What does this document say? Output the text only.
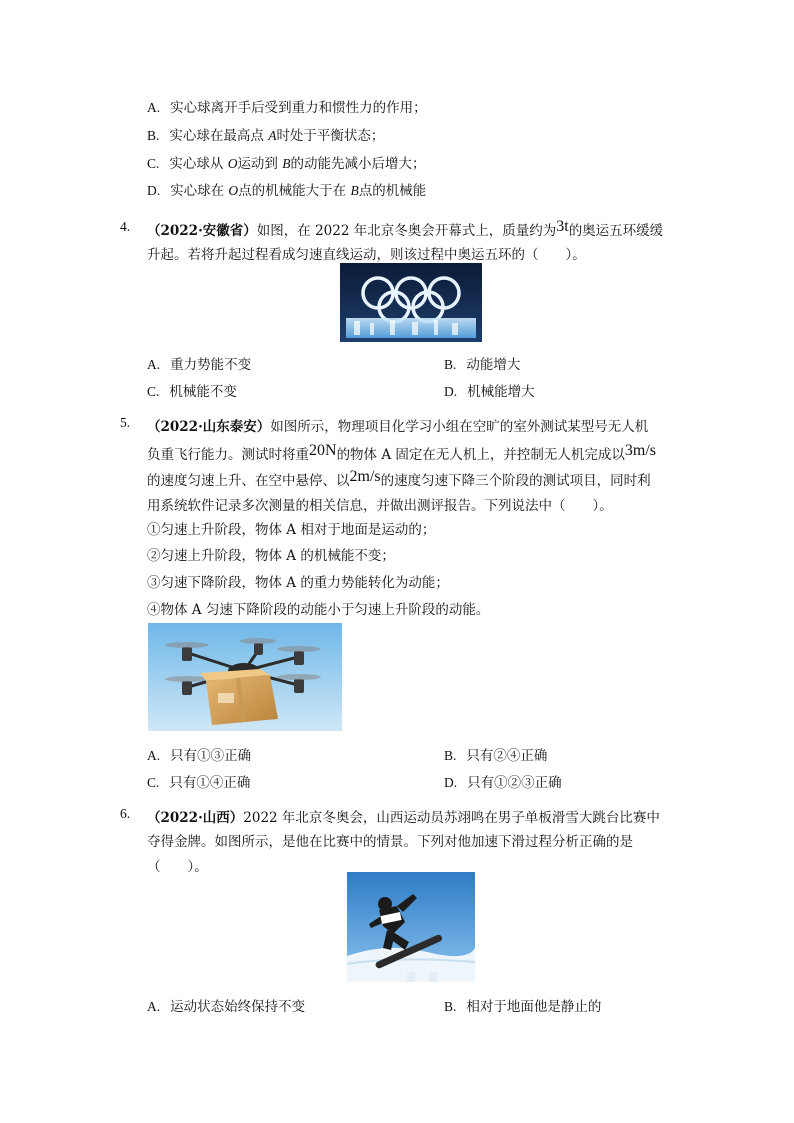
A. 实心球离开手后受到重力和惯性力的作用；
B. 实心球在最高点 A时处于平衡状态；
C. 实心球从 O运动到 B的动能先减小后增大；
D. 实心球在 O点的机械能大于在 B点的机械能
4. （2022·安徽省）如图，在 2022 年北京冬奥会开幕式上，质量约为3t的奥运五环缓缓
升起。若将升起过程看成匀速直线运动，则该过程中奥运五环的（　　）。
A. 重力势能不变	B. 动能增大
C. 机械能不变	D. 机械能增大
5. （2022·山东泰安）如图所示，物理项目化学习小组在空旷的室外测试某型号无人机
负重飞行能力。测试时将重20N的物体 A 固定在无人机上，并控制无人机完成以3m/s
的速度匀速上升、在空中悬停、以2m/s的速度匀速下降三个阶段的测试项目，同时利
用系统软件记录多次测量的相关信息，并做出测评报告。下列说法中（　　）。
①匀速上升阶段，物体 A 相对于地面是运动的；
②匀速上升阶段，物体 A 的机械能不变；
③匀速下降阶段，物体 A 的重力势能转化为动能；
④物体 A 匀速下降阶段的动能小于匀速上升阶段的动能。
A. 只有①③正确	B. 只有②④正确
C. 只有①④正确	D. 只有①②③正确
6. （2022·山西）2022 年北京冬奥会，山西运动员苏翊鸣在男子单板滑雪大跳台比赛中
夺得金牌。如图所示，是他在比赛中的情景。下列对他加速下滑过程分析正确的是
（　　）。
A. 运动状态始终保持不变	B. 相对于地面他是静止的
